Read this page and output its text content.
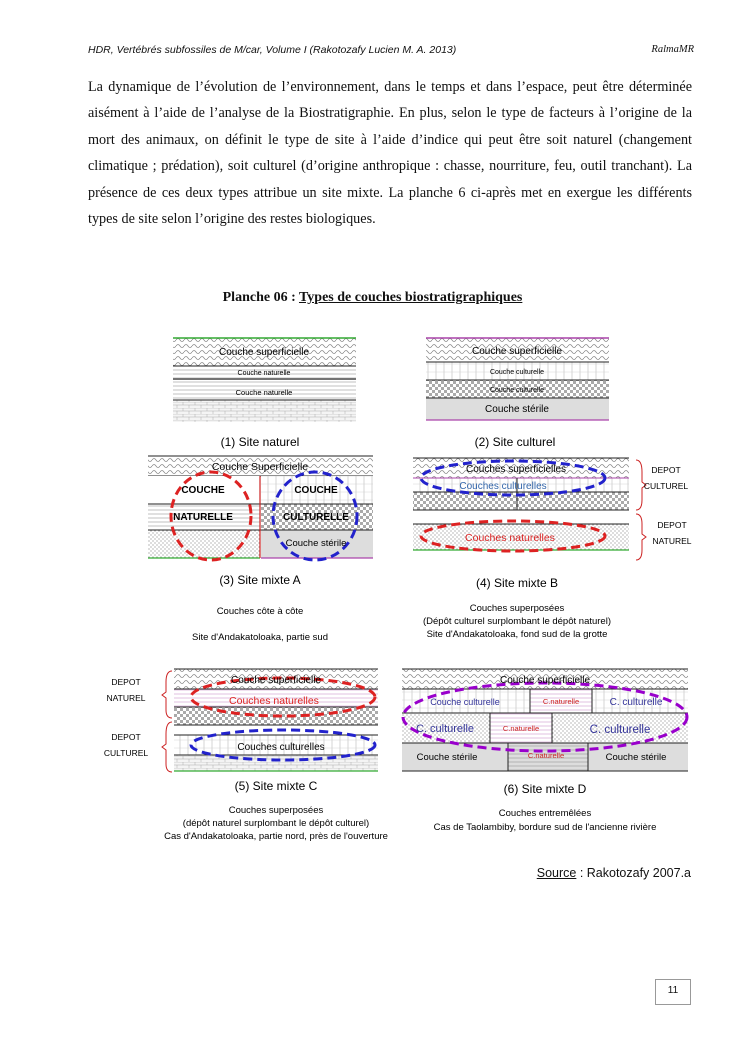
HDR, Vertébrés subfossiles de M/car, Volume I (Rakotozafy Lucien M. A. 2013)	RalmaMR
La dynamique de l’évolution de l’environnement, dans le temps et dans l’espace, peut être déterminée aisément à l’aide de l’analyse de la Biostratigraphie. En plus, selon le type de facteurs à l’origine de la mort des animaux, on définit le type de site à l’aide d’indice qui peut être soit naturel (changement climatique ; prédation), soit culturel (d’origine anthropique : chasse, nourriture, feu, outil tranchant). La présence de ces deux types attribue un site mixte. La planche 6 ci-après met en exergue les différents types de site selon l’origine des restes biologiques.
Planche 06 : Types de couches biostratigraphiques
Couche superficielle
Couche naturelle
Couche naturelle
(1) Site naturel
Couche superficielle
Couche culturelle
Couche culturelle
Couche stérile
(2) Site culturel
Couche Superficielle
COUCHE
NATURELLE
COUCHE
CULTURELLE
Couche stérile
(3) Site mixte A
Couches côte à côte
Site d'Andakatoloaka, partie sud
Couches superficielles
Couches culturelles
Couches naturelles
DEPOT
CULTUREL
DEPOT
NATUREL
(4) Site mixte B
Couches superposées
(Dépôt culturel surplombant le dépôt naturel)
Site d'Andakatoloaka, fond sud de la grotte
Couche superficielle
Couches naturelles
Couches culturelles
DEPOT
NATUREL
DEPOT
CULTUREL
(5) Site mixte C
Couches superposées
(dépôt naturel surplombant le dépôt culturel)
Cas d'Andakatoloaka, partie nord, près de l'ouverture
Couche superficielle
Couche culturelle	C.naturelle	C. culturelle
C. culturelle	C.naturelle	C. culturelle
Couche stérile	C.naturelle	Couche stérile
(6) Site mixte D
Couches entremêlées
Cas de Taolambiby, bordure sud de l'ancienne rivière
Source : Rakotozafy 2007.a
11
